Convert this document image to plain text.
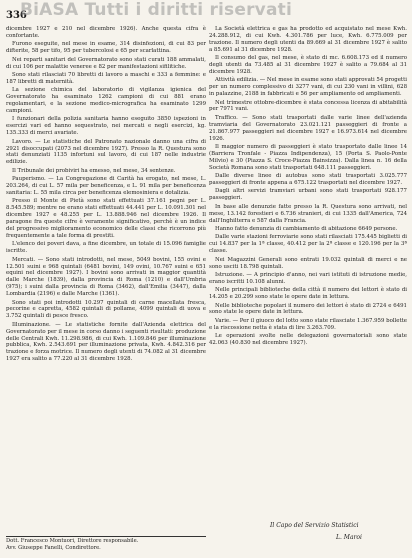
336
BiASA Tutti i diritti riservati

dicembre 1927 e 210 nel dicembre 1926). Anche questa cifra è confortante.

Furono eseguite, nel mese in esame, 314 disinfezioni, di cui 83 per difterite, 58 per tifo, 95 per tubercolosi e 65 per scarlattina.

Nei reparti sanitari del Governatorato sono stati curati 188 ammalati, di cui 106 per malattie veneree e 82 per manifestazioni sifilitiche.

Sono stati rilasciati 70 libretti di lavoro a maschi e 333 a femmine: e 187 libretti di maternità.

La sezione chimica del laboratorio di vigilanza igienica del Governatorato ha esaminato 1262 campioni di cui 881 erano regolamentari, e la sezione medico-micrografica ha esaminato 1299 campioni.

I funzionari della polizia sanitaria hanno eseguito 3850 ispezioni in esercizi vari ed hanno sequestrato, nei mercati e negli esercizi, kg. 135.333 di merci avariate.

Lavoro. — Le statistiche del Patronato nazionale danno una cifra di 2921 disoccupati (2073 nel dicembre 1927). Presso la R. Questura sono stati denunziati 1135 infortuni sul lavoro, di cui 187 nelle industrie edilizie.

Il Tribunale dei probiviri ha emesso, nel mese, 34 sentenze.

Pauperismo. — La Congregazione di Carità ha erogato, nel mese, L. 203.264, di cui L. 57 mila per beneficenza, e L. 91 mila per beneficenza sanitaria: L. 55 mila circa per beneficenza elemosiniera e dotalizia.

Presso il Monte di Pietà sono stati effettuati 37.161 pegni per L. 8.545.589; mentre ne erano stati effettuati 44.441 per L. 10.091.301 nel dicembre 1927 e 48.255 per L. 13.888.946 nel dicembre 1926. Il paragone fra queste cifre è veramente significativo, perchè è un indice del progressivo miglioramento economico delle classi che ricorrono più frequentemente a tale forma di prestiti.

L'elenco dei poveri dava, a fine dicembre, un totale di 15.096 famiglie iscritte.

Mercati. — Sono stati introdotti, nel mese, 5049 bovini, 155 ovini e 12.501 suini e 968 quintali (6481 bovini, 149 ovini, 10.767 suini e 651 equini nel dicembre 1927). I bovini sono arrivati in maggior quantità dalle Marche (1839), dalla provincia di Roma (1210) e dall'Umbria (975); i suini dalla provincia di Roma (3462), dall'Emilia (3447), dalla Lombardia (2196) e dalle Marche (1361).

Sono stati poi introdotti 10.297 quintali di carne macellata fresca, pecorine e capretta, 4582 quintali di pollame, 4099 quintali di uova e 3.752 quintali di pesce fresco.

Illuminazione. — Le statistiche fornite dall'Azienda elettrica del Governatorato per il mese in corso danno i seguenti risultati: produzione delle Centrali Kwh. 11.298.986, di cui Kwh. 1.109.846 per illuminazione pubblica, Kwh. 2.543.691 per illuminazione privata, Kwh. 4.842.316 per trazione e forza motrice. Il numero degli utenti di 74.082 al 31 dicembre 1927 era salito a 77.220 al 31 dicembre 1928.

La Società elettrica e gas ha prodotto ed acquistato nel mese Kwh. 24.288.912, di cui Kwh. 4.301.786 per luce, Kwh. 6.775.009 per trazione. Il numero degli utenti da 89.669 al 31 dicembre 1927 è salito a 85.691 al 31 dicembre 1928.

Il consumo del gas, nel mese, è stato di mc. 6.608.173 ed il numero degli utenti da 73.485 al 31 dicembre 1927 è salito a 79.684 al 31 dicembre 1928.

Attività edilizia. — Nel mese in esame sono stati approvati 54 progetti per un numero complessivo di 3277 vani, di cui 230 vani in villini, 628 in palazzine, 2188 in fabbricati e 56 per ampliamento od ampliamenti.

Nel trimestre ottobre-dicembre è stata concessa licenza di abitabilità per 7971 vani.

Traffico. — Sono stati trasportati dalle varie linee dell'azienda tramviaria del Governatorato 23.021.121 passeggieri di fronte a 21.867.977 passeggieri nel dicembre 1927 e 16.973.614 nel dicembre 1926.

Il maggior numero di passeggieri è stato trasportato dalle linee 14 (Barriera Tronfale - Piazza Indipendenza), 15 (Porta S. Paolo-Ponte Milvio) e 30 (Piazza S. Croce-Piazza Bainsizza). Dalla linea n. 16 della Società Romana sono stati trasportati 648.111 passeggieri.

Dalle diverse linee di autobus sono stati trasportati 3.025.777 passeggieri di fronte appena a 675.122 trasportati nel dicembre 1927.

Dagli altri servizi tramviari urbani sono stati trasportati 928.177 passeggieri.

In base alle denunzie fatte presso la R. Questura sono arrivati, nel mese, 13.142 forestieri e 6.736 stranieri, di cui 1335 dall'America, 724 dall'Inghilterra e 587 dalla Francia.

Hanno fatto denunzia di cambiamento di abitazione 6649 persone.

Dalle varie stazioni ferroviarie sono stati rilasciati 175.445 biglietti di cui 14.837 per la 1ª classe, 40.412 per la 2ª classe e 120.196 per la 3ª classe.

Nei Magazzini Generali sono entrati 19.032 quintali di merci e ne sono usciti 18.798 quintali.

Istruzione. — A principio d'anno, nei vari istituti di istruzione medie, erano iscritti 10.108 alunni.

Nelle principali biblioteche della città il numero dei lettori è stato di 14.205 e 20.299 sono state le opere date in lettura.

Nelle biblioteche popolari il numero dei lettori è stato di 2724 e 6491 sono state le opere date in lettura.

Varie. — Per il giuoco del lotto sono state rilasciate 1.367.959 bollette e la riscossione netta è stata di lire 3.263.709.

Le operazioni svolte nelle delegazioni governatoriali sono state 42.063 (40.830 nel dicembre 1927).

Il Capo del Servizio Statistici
L. Maroi
Dott. Francesco Montuori, Direttore responsabile.
Avv. Giuseppe Fanelli, Condirettore.
